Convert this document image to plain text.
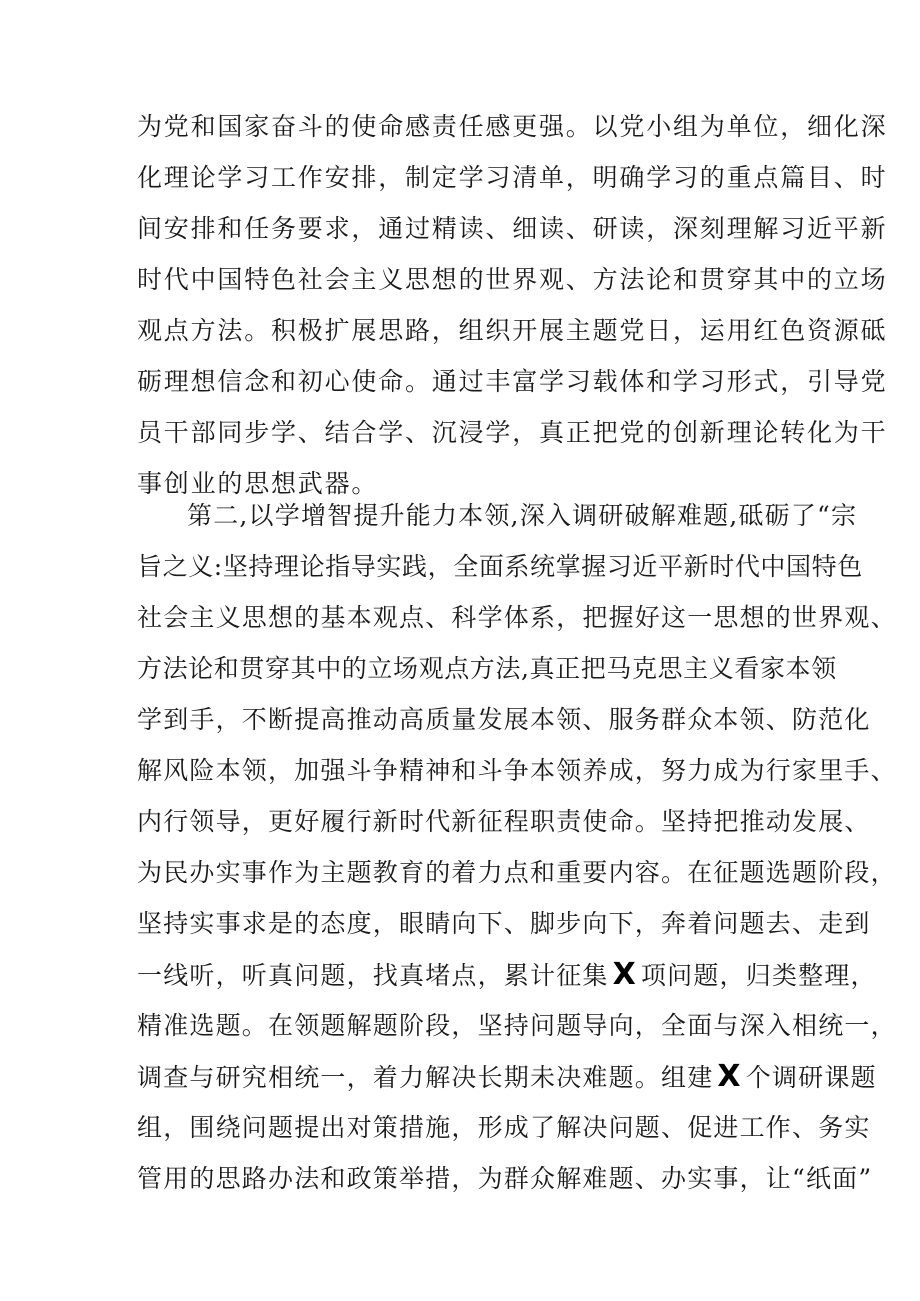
为党和国家奋斗的使命感责任感更强。以党小组为单位，细化深

化理论学习工作安排，制定学习清单，明确学习的重点篇目、时

间安排和任务要求，通过精读、细读、研读，深刻理解习近平新

时代中国特色社会主义思想的世界观、方法论和贯穿其中的立场

观点方法。积极扩展思路，组织开展主题党日，运用红色资源砥

砺理想信念和初心使命。通过丰富学习载体和学习形式，引导党

员干部同步学、结合学、沉浸学，真正把党的创新理论转化为干

事创业的思想武器。

第二,以学增智提升能力本领,深入调研破解难题,砥砺了“宗

旨之义:坚持理论指导实践，全面系统掌握习近平新时代中国特色

社会主义思想的基本观点、科学体系，把握好这一思想的世界观、

方法论和贯穿其中的立场观点方法,真正把马克思主义看家本领

学到手，不断提高推动高质量发展本领、服务群众本领、防范化

解风险本领，加强斗争精神和斗争本领养成，努力成为行家里手、

内行领导，更好履行新时代新征程职责使命。坚持把推动发展、

为民办实事作为主题教育的着力点和重要内容。在征题选题阶段，

坚持实事求是的态度，眼睛向下、脚步向下，奔着问题去、走到

一线听，听真问题，找真堵点，累计征集 X 项问题，归类整理，

精准选题。在领题解题阶段，坚持问题导向，全面与深入相统一，

调查与研究相统一，着力解决长期未决难题。组建 X 个调研课题

组，围绕问题提出对策措施，形成了解决问题、促进工作、务实

管用的思路办法和政策举措，为群众解难题、办实事，让“纸面”
